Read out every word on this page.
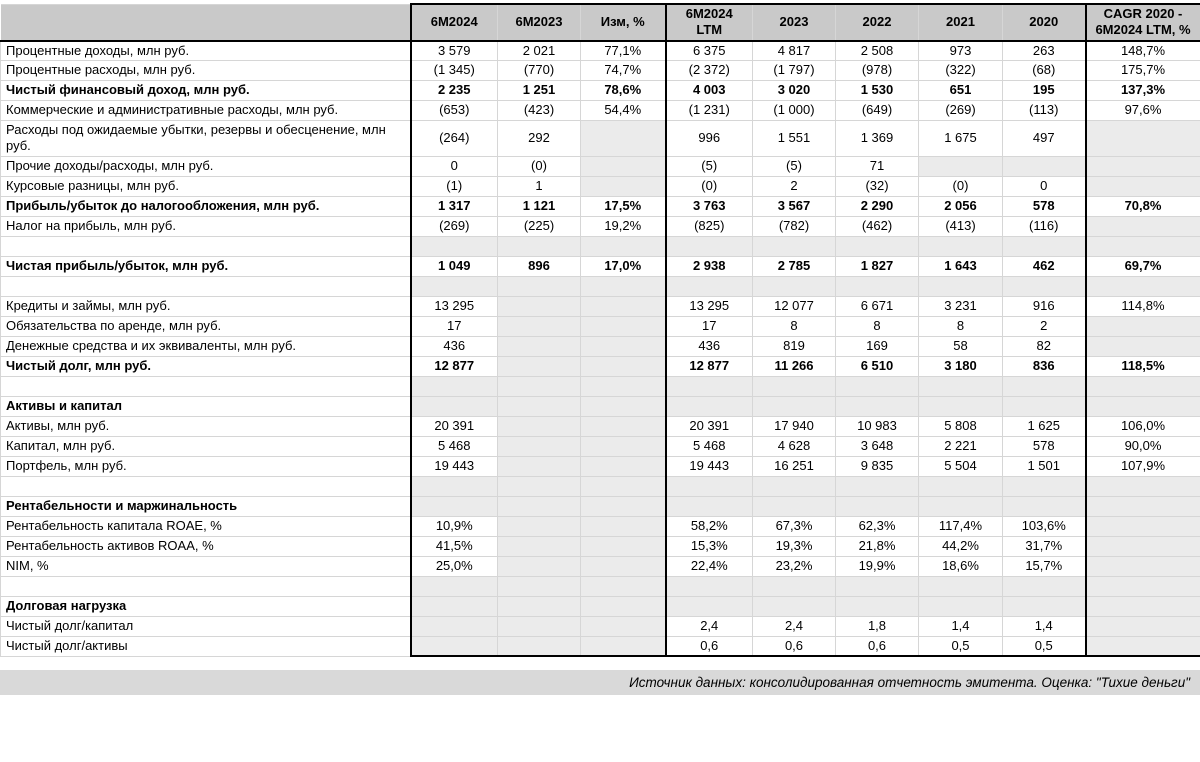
	6М2024	6М2023	Изм, %	6М2024 LTM	2023	2022	2021	2020	CAGR 2020 - 6М2024 LTM, %
Процентные доходы, млн руб.	3 579	2 021	77,1%	6 375	4 817	2 508	973	263	148,7%
Процентные расходы, млн руб.	(1 345)	(770)	74,7%	(2 372)	(1 797)	(978)	(322)	(68)	175,7%
Чистый финансовый доход, млн руб.	2 235	1 251	78,6%	4 003	3 020	1 530	651	195	137,3%
Коммерческие и административные расходы, млн руб.	(653)	(423)	54,4%	(1 231)	(1 000)	(649)	(269)	(113)	97,6%
Расходы под ожидаемые убытки, резервы и обесценение, млн руб.	(264)	292		996	1 551	1 369	1 675	497	
Прочие доходы/расходы, млн руб.	0	(0)		(5)	(5)	71			
Курсовые разницы, млн руб.	(1)	1		(0)	2	(32)	(0)	0	
Прибыль/убыток до налогообложения, млн руб.	1 317	1 121	17,5%	3 763	3 567	2 290	2 056	578	70,8%
Налог на прибыль, млн руб.	(269)	(225)	19,2%	(825)	(782)	(462)	(413)	(116)	

Чистая прибыль/убыток, млн руб.	1 049	896	17,0%	2 938	2 785	1 827	1 643	462	69,7%

Кредиты и займы, млн руб.	13 295			13 295	12 077	6 671	3 231	916	114,8%
Обязательства по аренде, млн руб.	17			17	8	8	8	2	
Денежные средства и их эквиваленты, млн руб.	436			436	819	169	58	82	
Чистый долг, млн руб.	12 877			12 877	11 266	6 510	3 180	836	118,5%

Активы и капитал									
Активы, млн руб.	20 391			20 391	17 940	10 983	5 808	1 625	106,0%
Капитал, млн руб.	5 468			5 468	4 628	3 648	2 221	578	90,0%
Портфель, млн руб.	19 443			19 443	16 251	9 835	5 504	1 501	107,9%

Рентабельности и маржинальность									
Рентабельность капитала ROAE, %	10,9%			58,2%	67,3%	62,3%	117,4%	103,6%	
Рентабельность активов ROAA, %	41,5%			15,3%	19,3%	21,8%	44,2%	31,7%	
NIM, %	25,0%			22,4%	23,2%	19,9%	18,6%	15,7%	

Долговая нагрузка									
Чистый долг/капитал				2,4	2,4	1,8	1,4	1,4	
Чистый долг/активы				0,6	0,6	0,6	0,5	0,5	
Источник данных: консолидированная отчетность эмитента. Оценка: "Тихие деньги"
